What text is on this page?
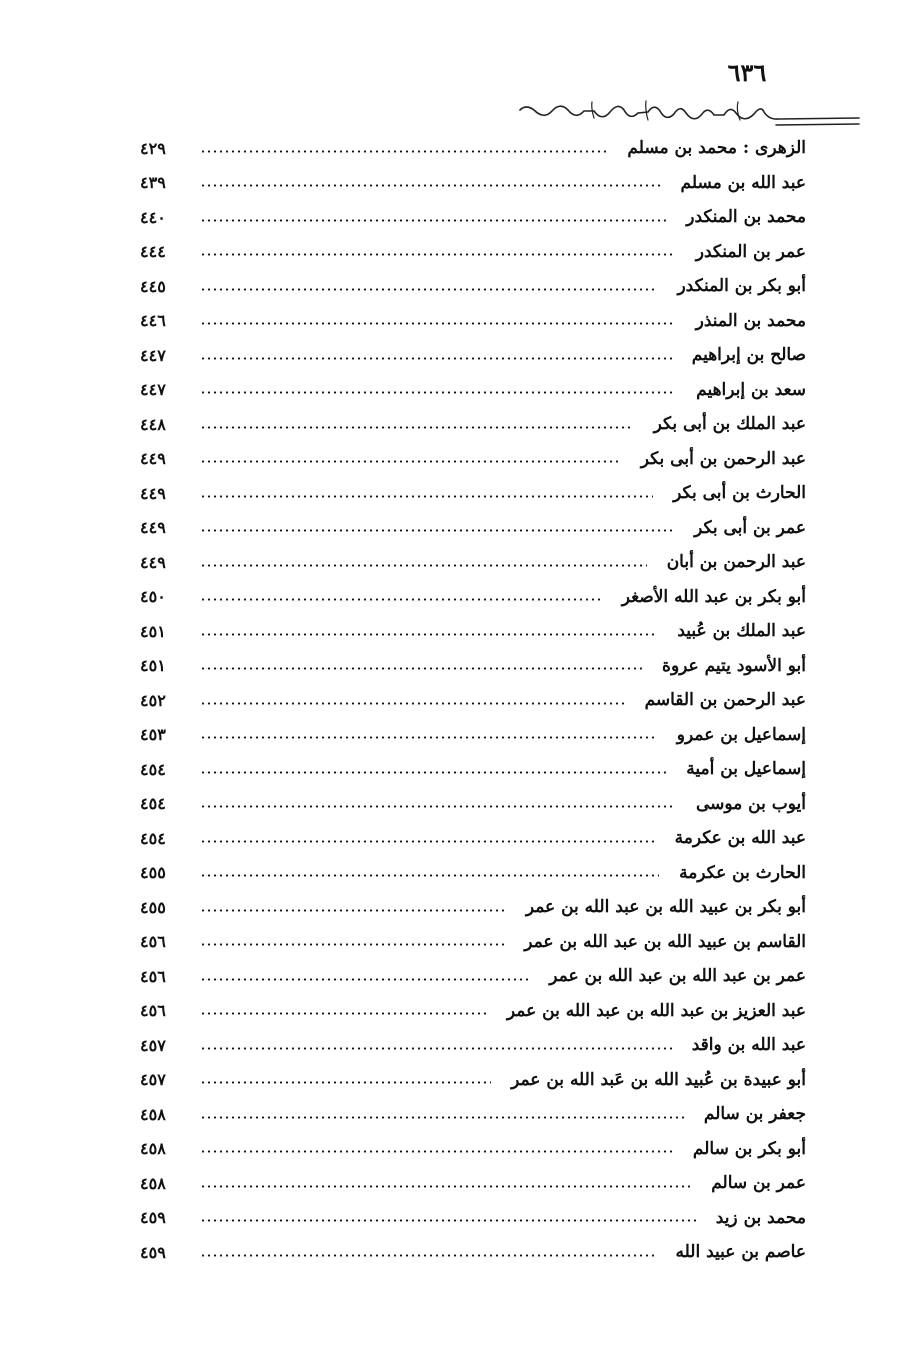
٦٣٦
الزهرى : محمد بن مسلم
٤٢٩
عبد الله بن مسلم
٤٣٩
محمد بن المنكدر
٤٤٠
عمر بن المنكدر
٤٤٤
أبو بكر بن المنكدر
٤٤٥
محمد بن المنذر
٤٤٦
صالح بن إبراهيم
٤٤٧
سعد بن إبراهيم
٤٤٧
عبد الملك بن أبى بكر
٤٤٨
عبد الرحمن بن أبى بكر
٤٤٩
الحارث بن أبى بكر
٤٤٩
عمر بن أبى بكر
٤٤٩
عبد الرحمن بن أبان
٤٤٩
أبو بكر بن عبد الله الأصغر
٤٥٠
عبد الملك بن عُبيد
٤٥١
أبو الأسود يتيم عروة
٤٥١
عبد الرحمن بن القاسم
٤٥٢
إسماعيل بن عمرو
٤٥٣
إسماعيل بن أمية
٤٥٤
أيوب بن موسى
٤٥٤
عبد الله بن عكرمة
٤٥٤
الحارث بن عكرمة
٤٥٥
أبو بكر بن عبيد الله بن عبد الله بن عمر
٤٥٥
القاسم بن عبيد الله بن عبد الله بن عمر
٤٥٦
عمر بن عبد الله بن عبد الله بن عمر
٤٥٦
عبد العزيز بن عبد الله بن عبد الله بن عمر
٤٥٦
عبد الله بن واقد
٤٥٧
أبو عبيدة بن عُبيد الله بن عَبد الله بن عمر
٤٥٧
جعفر بن سالم
٤٥٨
أبو بكر بن سالم
٤٥٨
عمر بن سالم
٤٥٨
محمد بن زيد
٤٥٩
عاصم بن عبيد الله
٤٥٩
